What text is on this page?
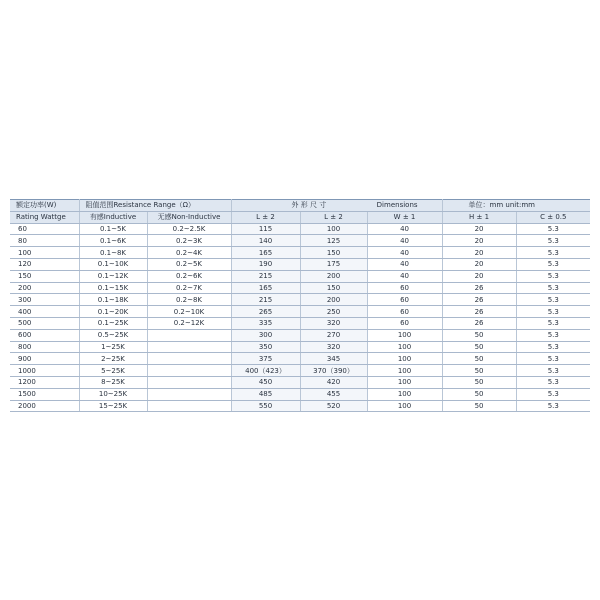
额定功率(W)	阻值范围Resistance Range（Ω）		外 形 尺 寸 Dimensions			单位：mm unit:mm	
Rating Wattge	有感Inductive	无感Non-Inductive	L ± 2	L ± 2	W ± 1	H ± 1	C ± 0.5
60	0.1~5K	0.2~2.5K	115	100	40	20	5.3
80	0.1~6K	0.2~3K	140	125	40	20	5.3
100	0.1~8K	0.2~4K	165	150	40	20	5.3
120	0.1~10K	0.2~5K	190	175	40	20	5.3
150	0.1~12K	0.2~6K	215	200	40	20	5.3
200	0.1~15K	0.2~7K	165	150	60	26	5.3
300	0.1~18K	0.2~8K	215	200	60	26	5.3
400	0.1~20K	0.2~10K	265	250	60	26	5.3
500	0.1~25K	0.2~12K	335	320	60	26	5.3
600	0.5~25K		300	270	100	50	5.3
800	1~25K		350	320	100	50	5.3
900	2~25K		375	345	100	50	5.3
1000	5~25K		400（423）	370（390）	100	50	5.3
1200	8~25K		450	420	100	50	5.3
1500	10~25K		485	455	100	50	5.3
2000	15~25K		550	520	100	50	5.3
